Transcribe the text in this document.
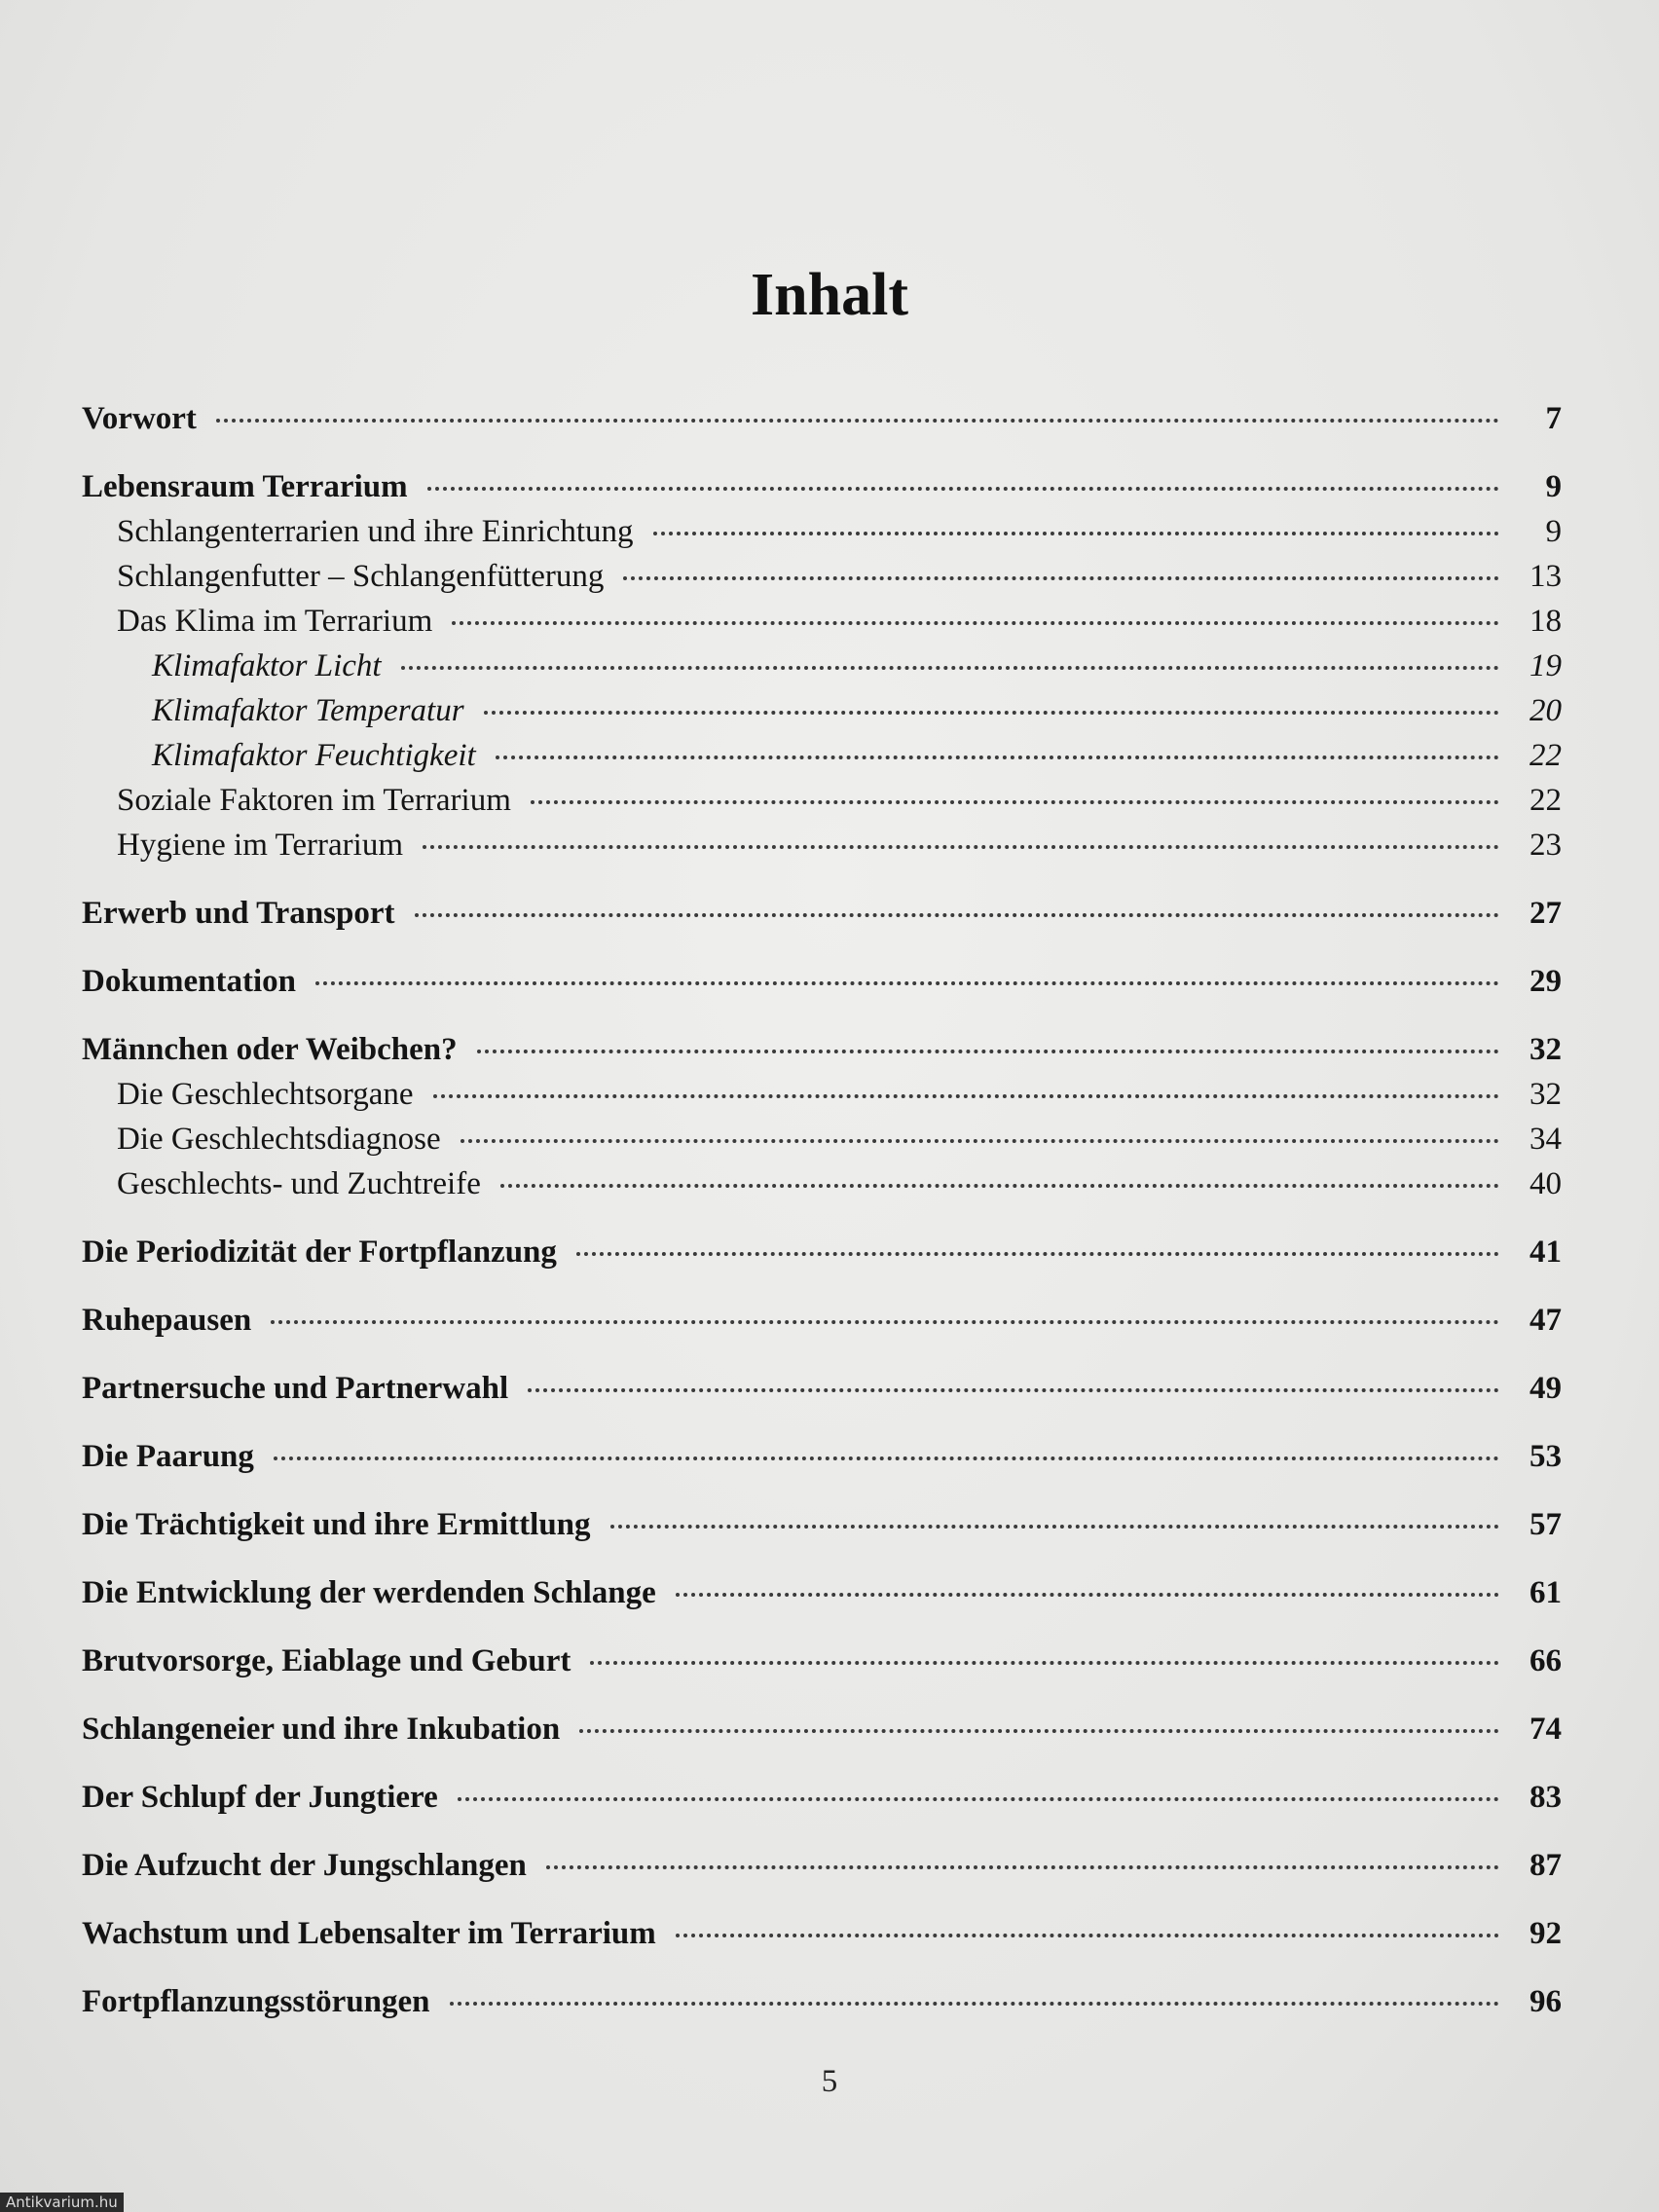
Inhalt
Vorwort	7
Lebensraum Terrarium	9
Schlangenterrarien und ihre Einrichtung	9
Schlangenfutter – Schlangenfütterung	13
Das Klima im Terrarium	18
Klimafaktor Licht	19
Klimafaktor Temperatur	20
Klimafaktor Feuchtigkeit	22
Soziale Faktoren im Terrarium	22
Hygiene im Terrarium	23
Erwerb und Transport	27
Dokumentation	29
Männchen oder Weibchen?	32
Die Geschlechtsorgane	32
Die Geschlechtsdiagnose	34
Geschlechts- und Zuchtreife	40
Die Periodizität der Fortpflanzung	41
Ruhepausen	47
Partnersuche und Partnerwahl	49
Die Paarung	53
Die Trächtigkeit und ihre Ermittlung	57
Die Entwicklung der werdenden Schlange	61
Brutvorsorge, Eiablage und Geburt	66
Schlangeneier und ihre Inkubation	74
Der Schlupf der Jungtiere	83
Die Aufzucht der Jungschlangen	87
Wachstum und Lebensalter im Terrarium	92
Fortpflanzungsstörungen	96
5
Antikvarium.hu
